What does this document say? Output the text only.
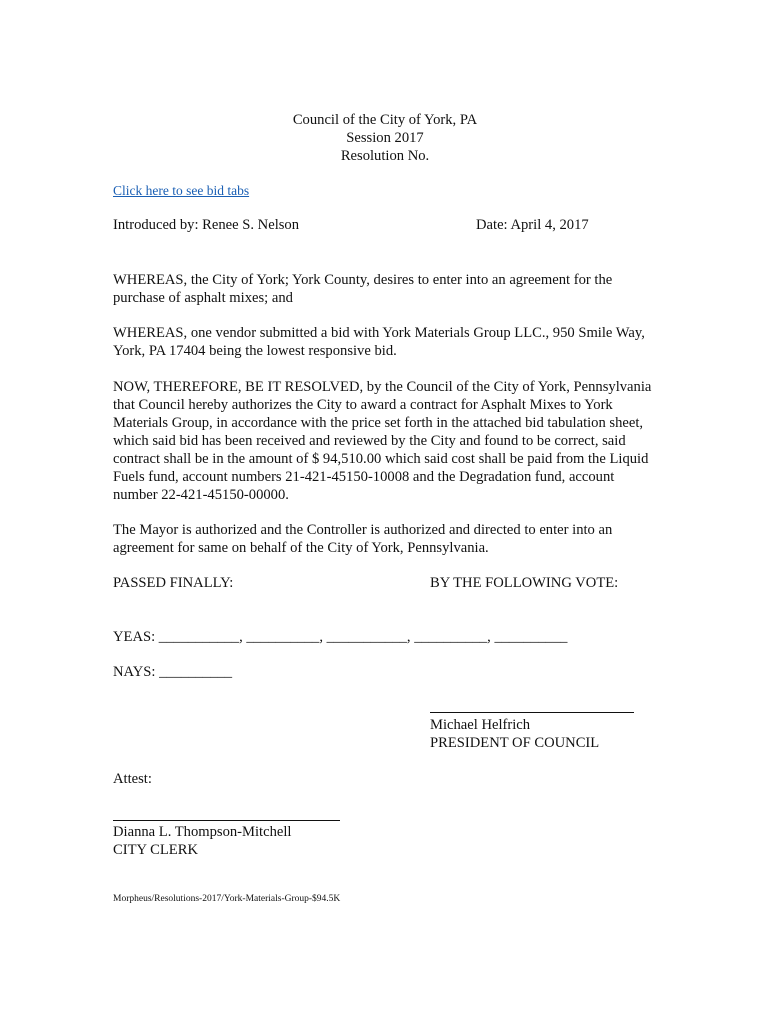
Council of the City of York, PA
Session 2017
Resolution No.
Click here to see bid tabs
Introduced by: Renee S. Nelson	Date: April 4, 2017
WHEREAS, the City of York; York County, desires to enter into an agreement for the purchase of asphalt mixes; and
WHEREAS, one vendor submitted a bid with York Materials Group LLC., 950 Smile Way, York, PA 17404 being the lowest responsive bid.
NOW, THEREFORE, BE IT RESOLVED, by the Council of the City of York, Pennsylvania that Council hereby authorizes the City to award a contract for Asphalt Mixes to York Materials Group, in accordance with the price set forth in the attached bid tabulation sheet, which said bid has been received and reviewed by the City and found to be correct, said contract shall be in the amount of $ 94,510.00 which said cost shall be paid from the Liquid Fuels fund, account numbers 21-421-45150-10008 and the Degradation fund, account number 22-421-45150-00000.
The Mayor is authorized and the Controller is authorized and directed to enter into an agreement for same on behalf of the City of York, Pennsylvania.
PASSED FINALLY:	BY THE FOLLOWING VOTE:
YEAS: ___________, __________, ___________, __________, __________
NAYS: __________
Michael Helfrich
PRESIDENT OF COUNCIL
Attest:
Dianna L. Thompson-Mitchell
CITY CLERK
Morpheus/Resolutions-2017/York-Materials-Group-$94.5K
